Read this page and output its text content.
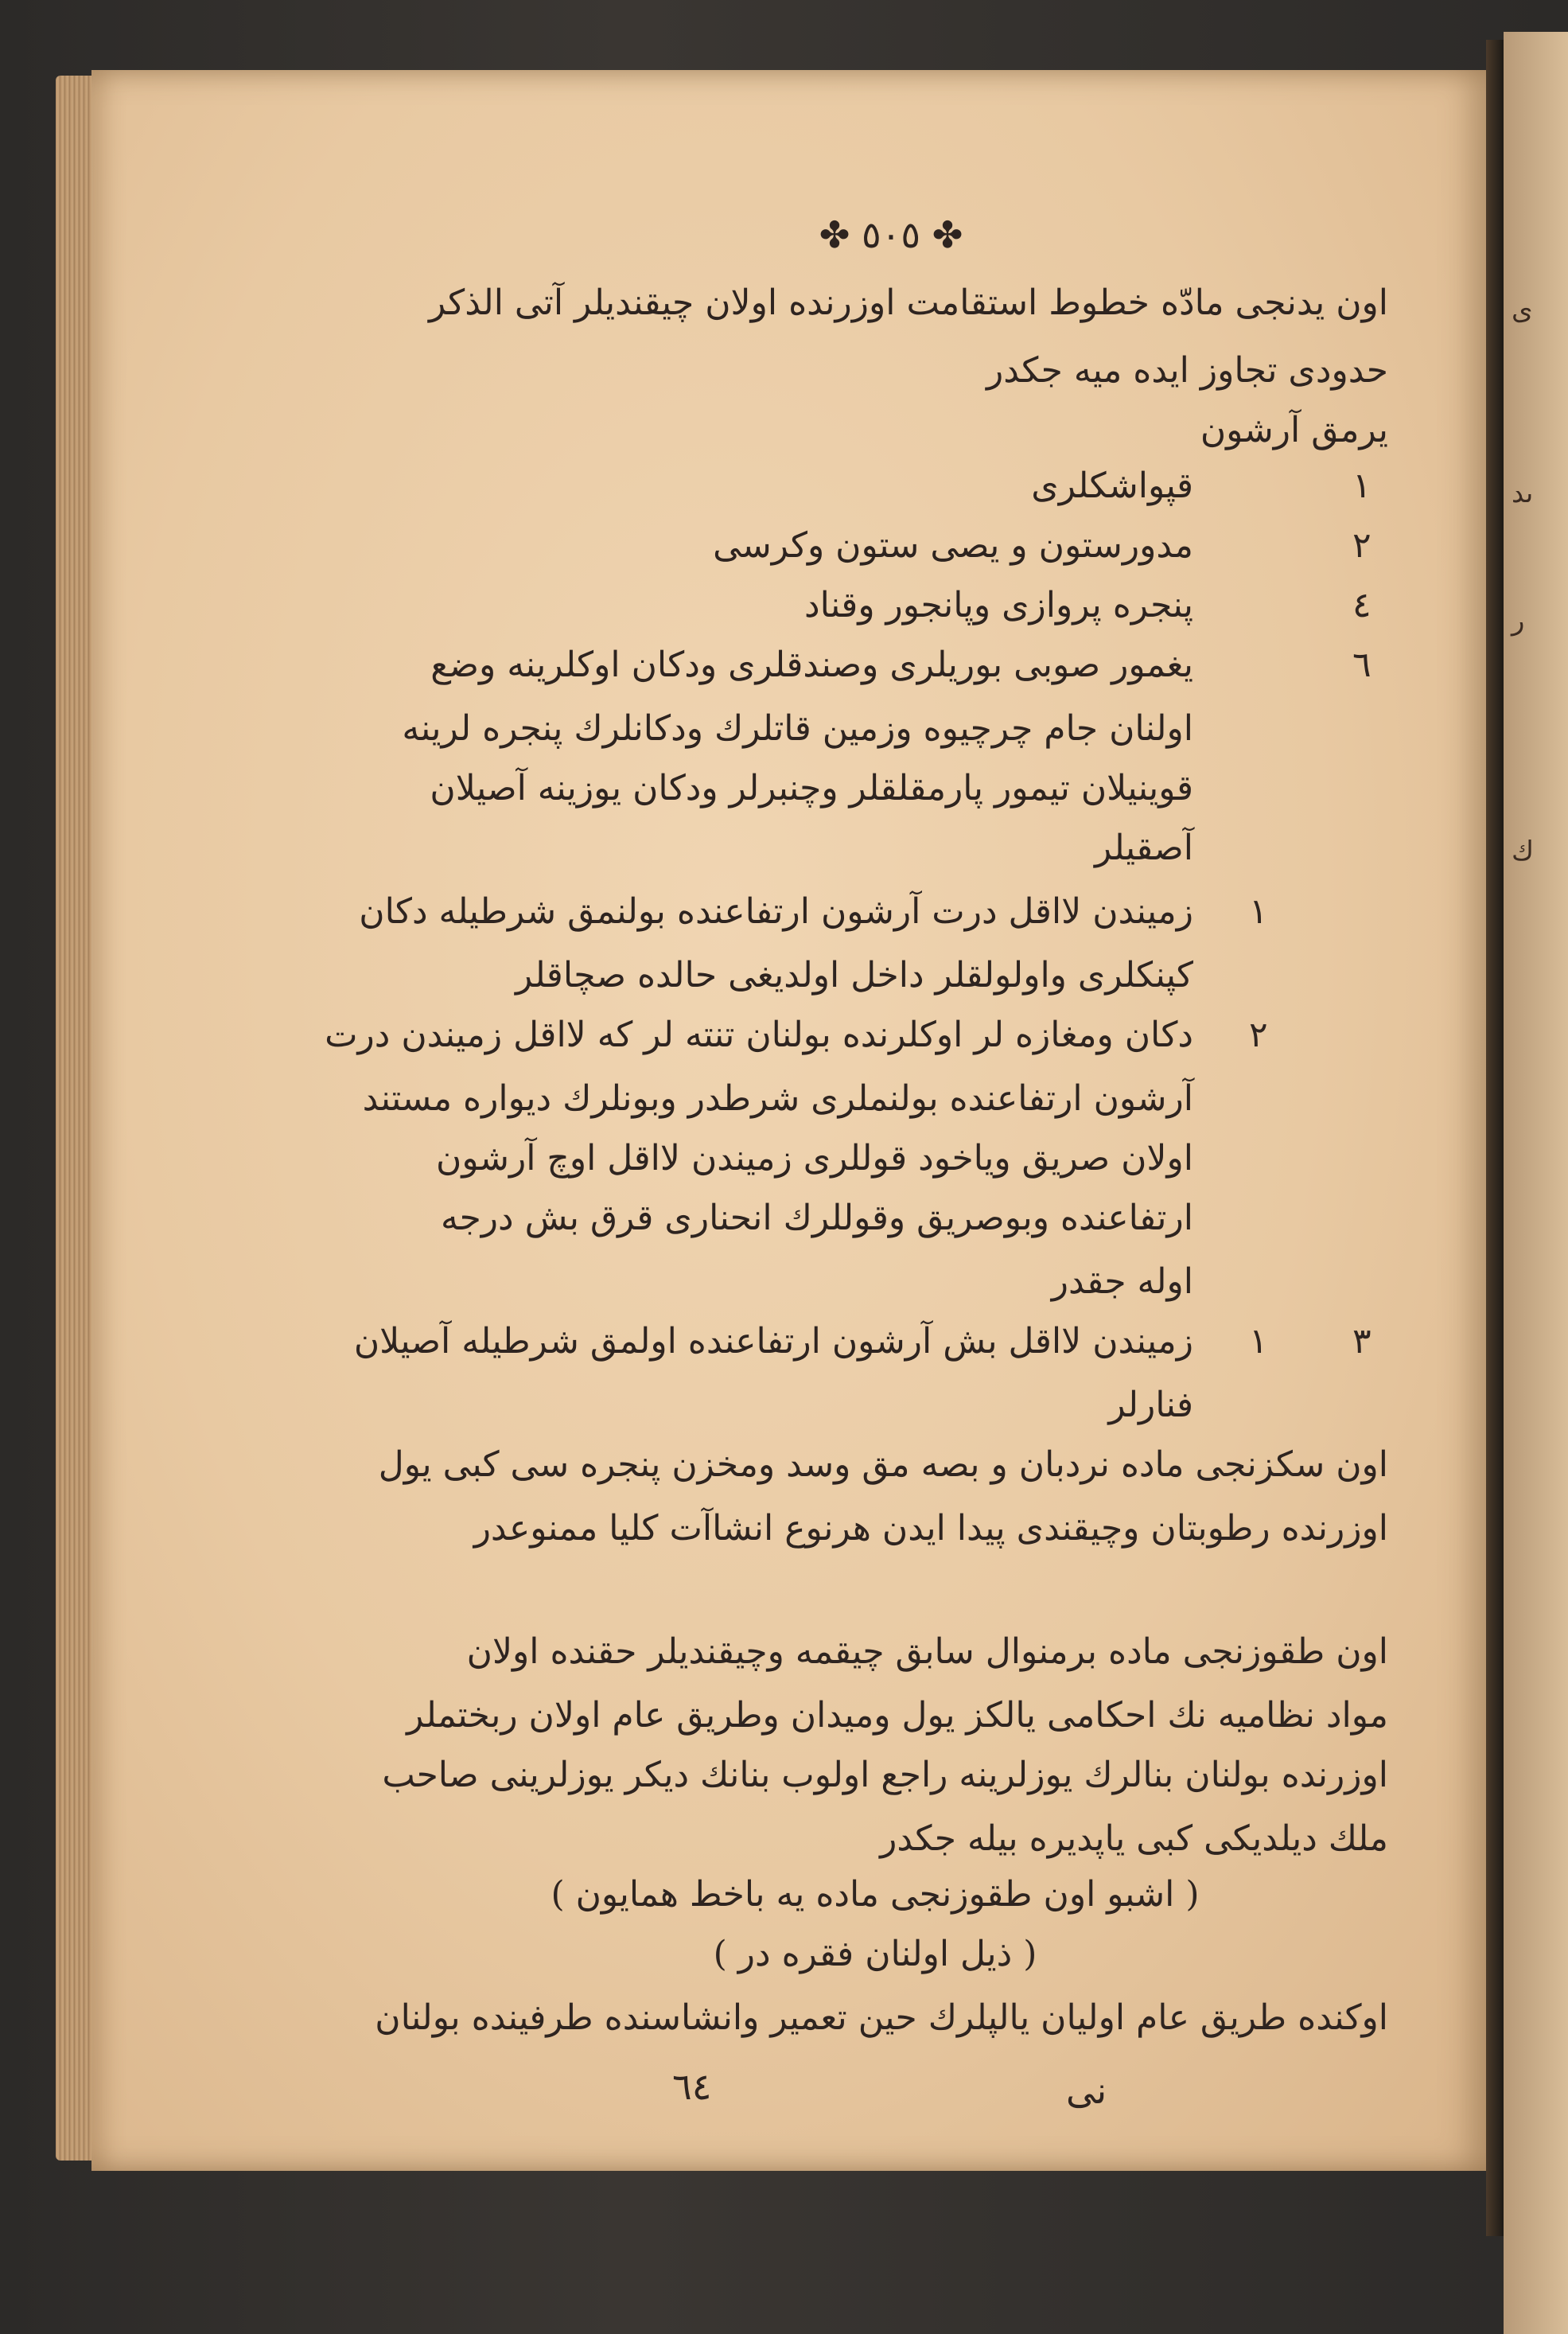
ى
ىد
ر
ك
✤ ٥٠٥ ✤
اون يدنجى مادّه خطوط استقامت اوزرنده اولان چيقنديلر آتى الذكر
حدودى تجاوز ايده ميه جكدر
يرمق آرشون
١
قپواشكلرى
٢
مدورستون و يصى ستون وكرسى
٤
پنجره پروازى وپانجور وقناد
٦
يغمور صوبى بوريلرى وصندقلرى ودكان اوكلرينه وضع
اولنان جام چرچيوه وزمين قاتلرك ودكانلرك پنجره لرينه
قوينيلان تيمور پارمقلقلر وچنبرلر ودكان يوزينه آصيلان
آصقيلر
١
زميندن لااقل درت آرشون ارتفاعنده بولنمق شرطيله دكان
كپنكلرى واولولقلر داخل اولديغى حالده صچاقلر
٢
دكان ومغازه لر اوكلرنده بولنان تنته لر كه لااقل زميندن درت
آرشون ارتفاعنده بولنملرى شرطدر وبونلرك ديواره مستند
اولان صريق وياخود قوللرى زميندن لااقل اوچ آرشون
ارتفاعنده وبوصريق وقوللرك انحنارى قرق بش درجه
اوله جقدر
٣
١
زميندن لااقل بش آرشون ارتفاعنده اولمق شرطيله آصيلان
فنارلر
اون سكزنجى ماده نردبان و بصه مق وسد ومخزن پنجره سى كبى يول
اوزرنده رطوبتان وچيقندى پيدا ايدن هرنوع انشاآت كليا ممنوعدر
اون طقوزنجى ماده برمنوال سابق چيقمه وچيقنديلر حقنده اولان
مواد نظاميه نك احكامى يالكز يول وميدان وطريق عام اولان ربختملر
اوزرنده بولنان بنالرك يوزلرينه راجع اولوب بنانك ديكر يوزلرينى صاحب
ملك ديلديكى كبى ياپديره بيله جكدر
( اشبو اون طقوزنجى ماده يه باخط همايون )
( ذيل اولنان فقره در )
اوكنده طريق عام اوليان يالپلرك حين تعمير وانشاسنده طرفينده بولنان
٦٤	نى
